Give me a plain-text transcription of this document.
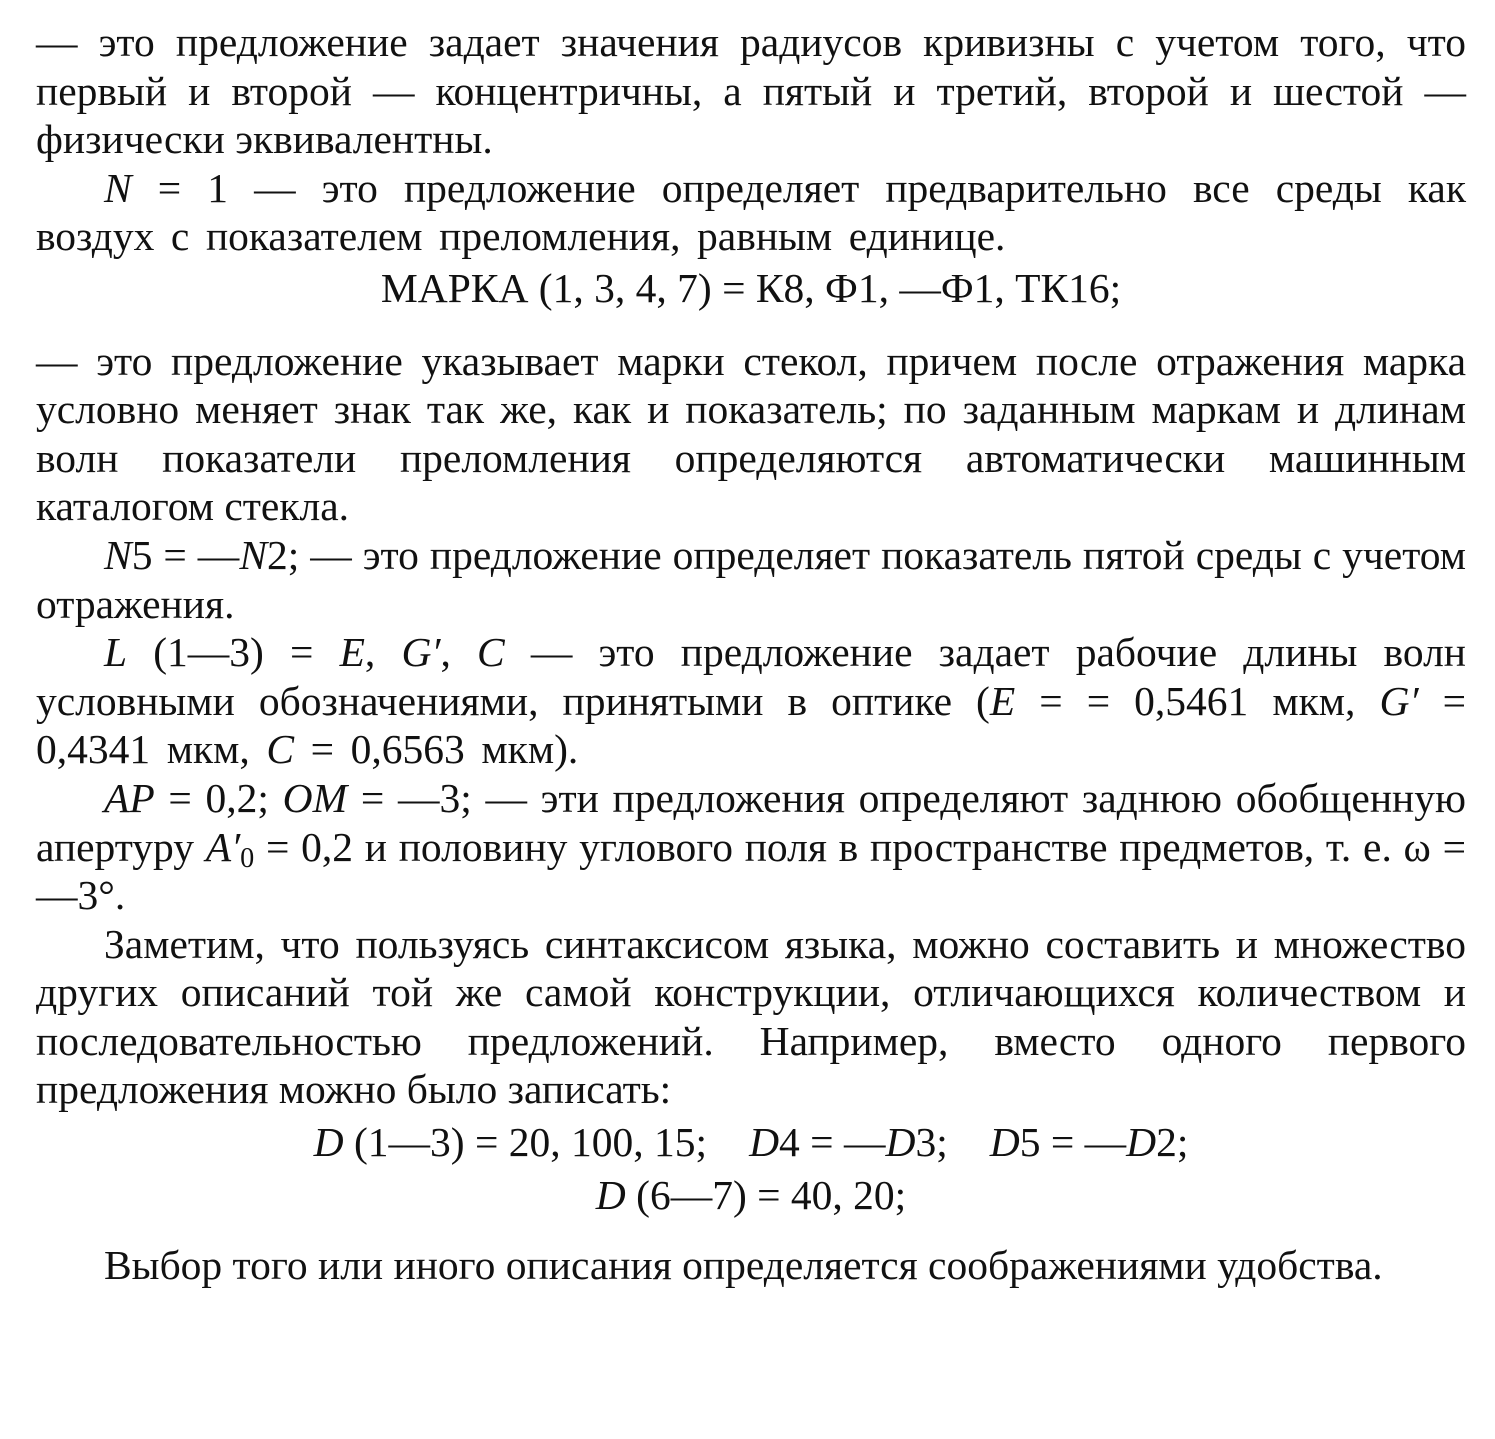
— это предложение задает значения радиусов кривизны с учетом того, что первый и второй — концентричны, а пятый и третий, второй и шестой — физически эквивалентны.

N = 1 — это предложение определяет предварительно все среды как воздух с показателем преломления, равным единице.

МАРКА (1, 3, 4, 7) = К8, Ф1, —Ф1, ТК16;

— это предложение указывает марки стекол, причем после отражения марка условно меняет знак так же, как и показатель; по заданным маркам и длинам волн показатели преломления определяются автоматически машинным каталогом стекла.

N5 = —N2; — это предложение определяет показатель пятой среды с учетом отражения.

L (1—3) = E, G′, C — это предложение задает рабочие длины волн условными обозначениями, принятыми в оптике (E = = 0,5461 мкм, G′ = 0,4341 мкм, C = 0,6563 мкм).

AP = 0,2; OM = —3; — эти предложения определяют заднюю обобщенную апертуру $A'_0 = 0,2$ и половину углового поля в пространстве предметов, т. е. ω = —3°.

Заметим, что пользуясь синтаксисом языка, можно составить и множество других описаний той же самой конструкции, отличающихся количеством и последовательностью предложений. Например, вместо одного первого предложения можно было записать:

D (1—3) = 20, 100, 15; D4 = —D3; D5 = —D2;

D (6—7) = 40, 20;

Выбор того или иного описания определяется соображениями удобства.
